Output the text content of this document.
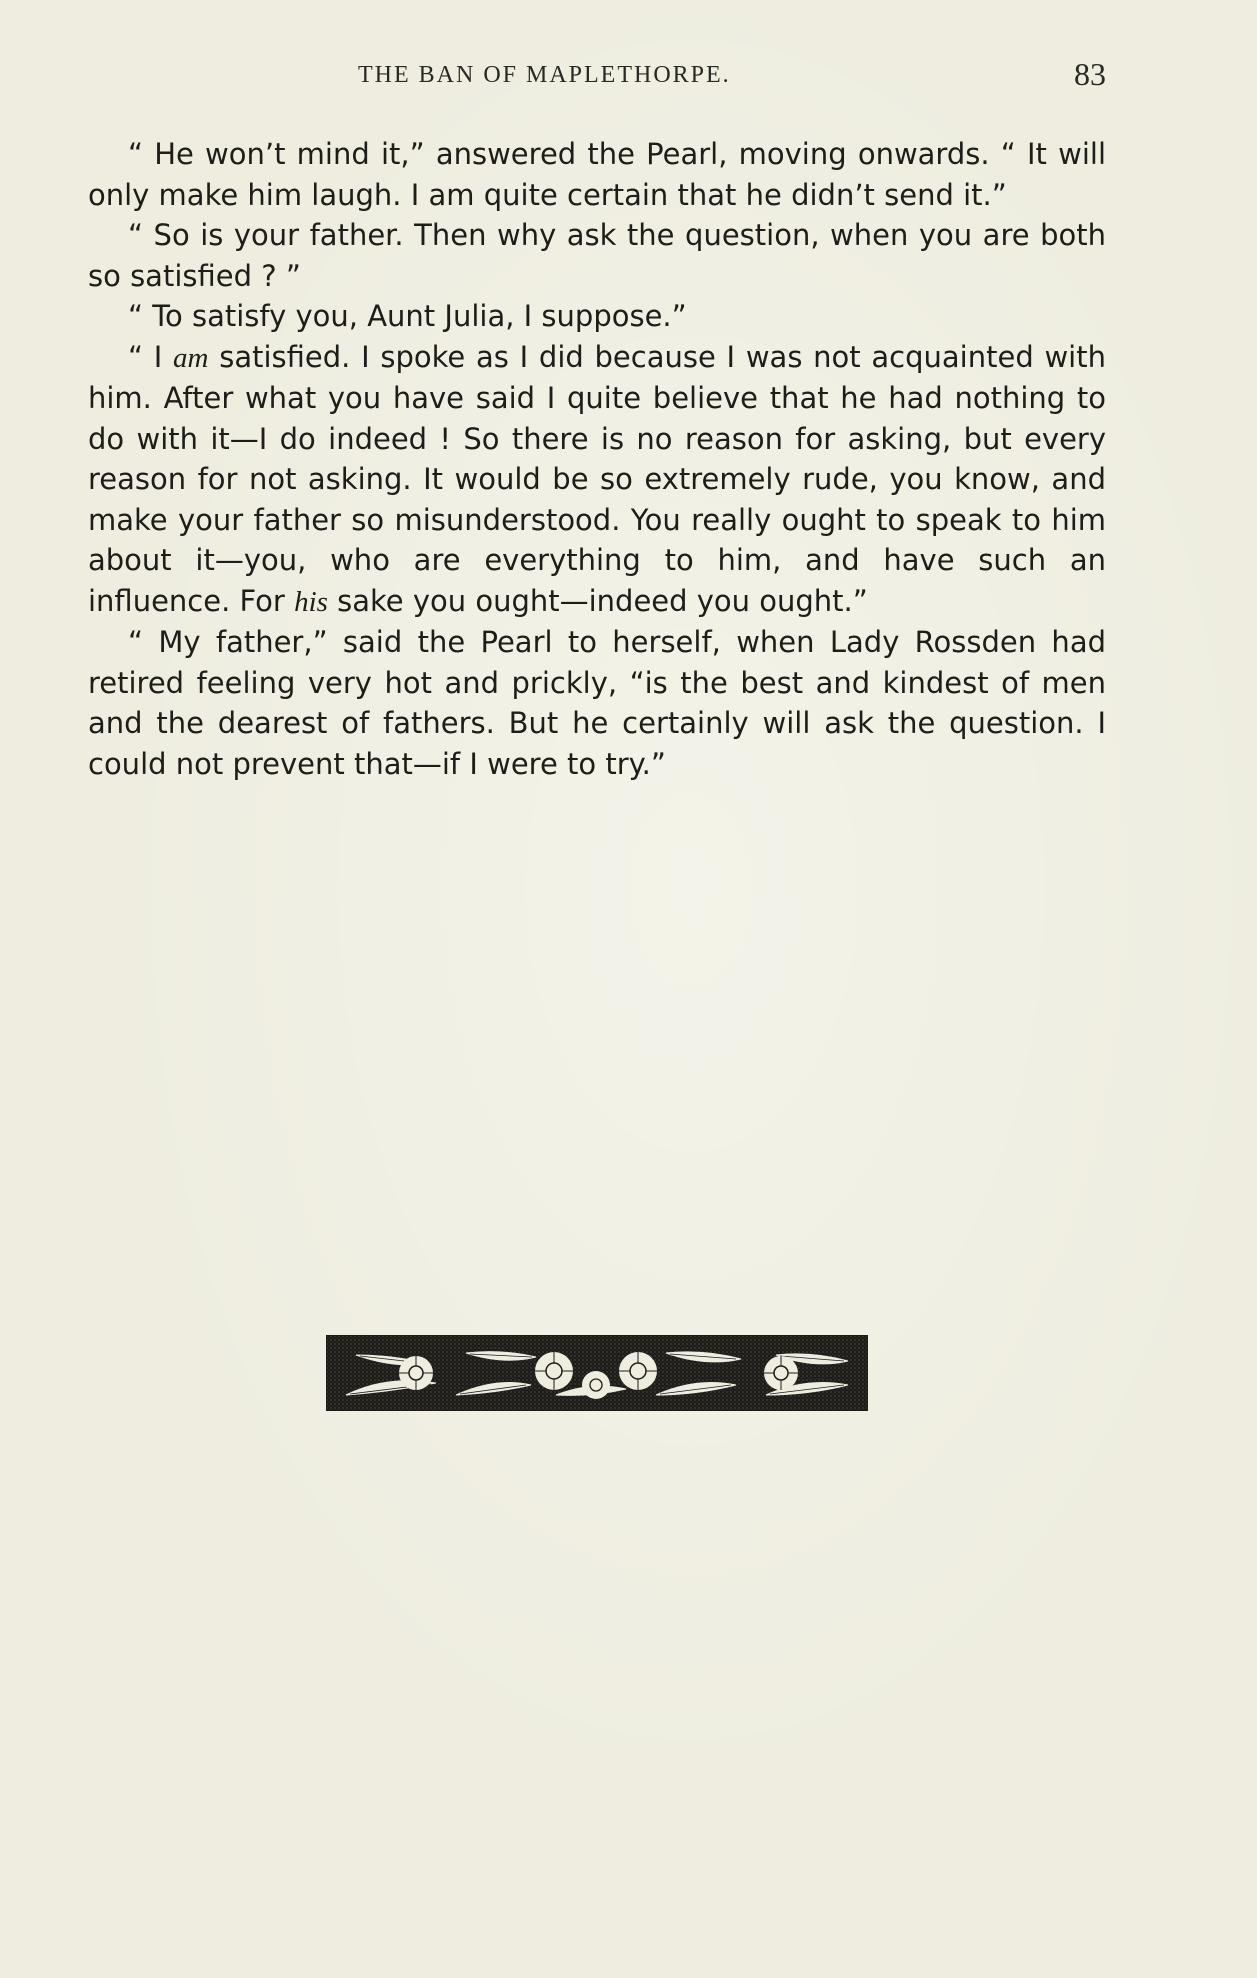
THE BAN OF MAPLETHORPE.	83

“ He won’t mind it,” answered the Pearl, moving onwards. “ It will only make him laugh. I am quite certain that he didn’t send it.”

“ So is your father. Then why ask the question, when you are both so satisfied ? ”

“ To satisfy you, Aunt Julia, I suppose.”

“ I am satisfied. I spoke as I did because I was not acquainted with him. After what you have said I quite believe that he had nothing to do with it—I do indeed ! So there is no reason for asking, but every reason for not asking. It would be so extremely rude, you know, and make your father so misunderstood. You really ought to speak to him about it—you, who are everything to him, and have such an influence. For his sake you ought—indeed you ought.”

“ My father,” said the Pearl to herself, when Lady Rossden had retired feeling very hot and prickly, “is the best and kindest of men and the dearest of fathers. But he certainly will ask the question. I could not prevent that—if I were to try.”
